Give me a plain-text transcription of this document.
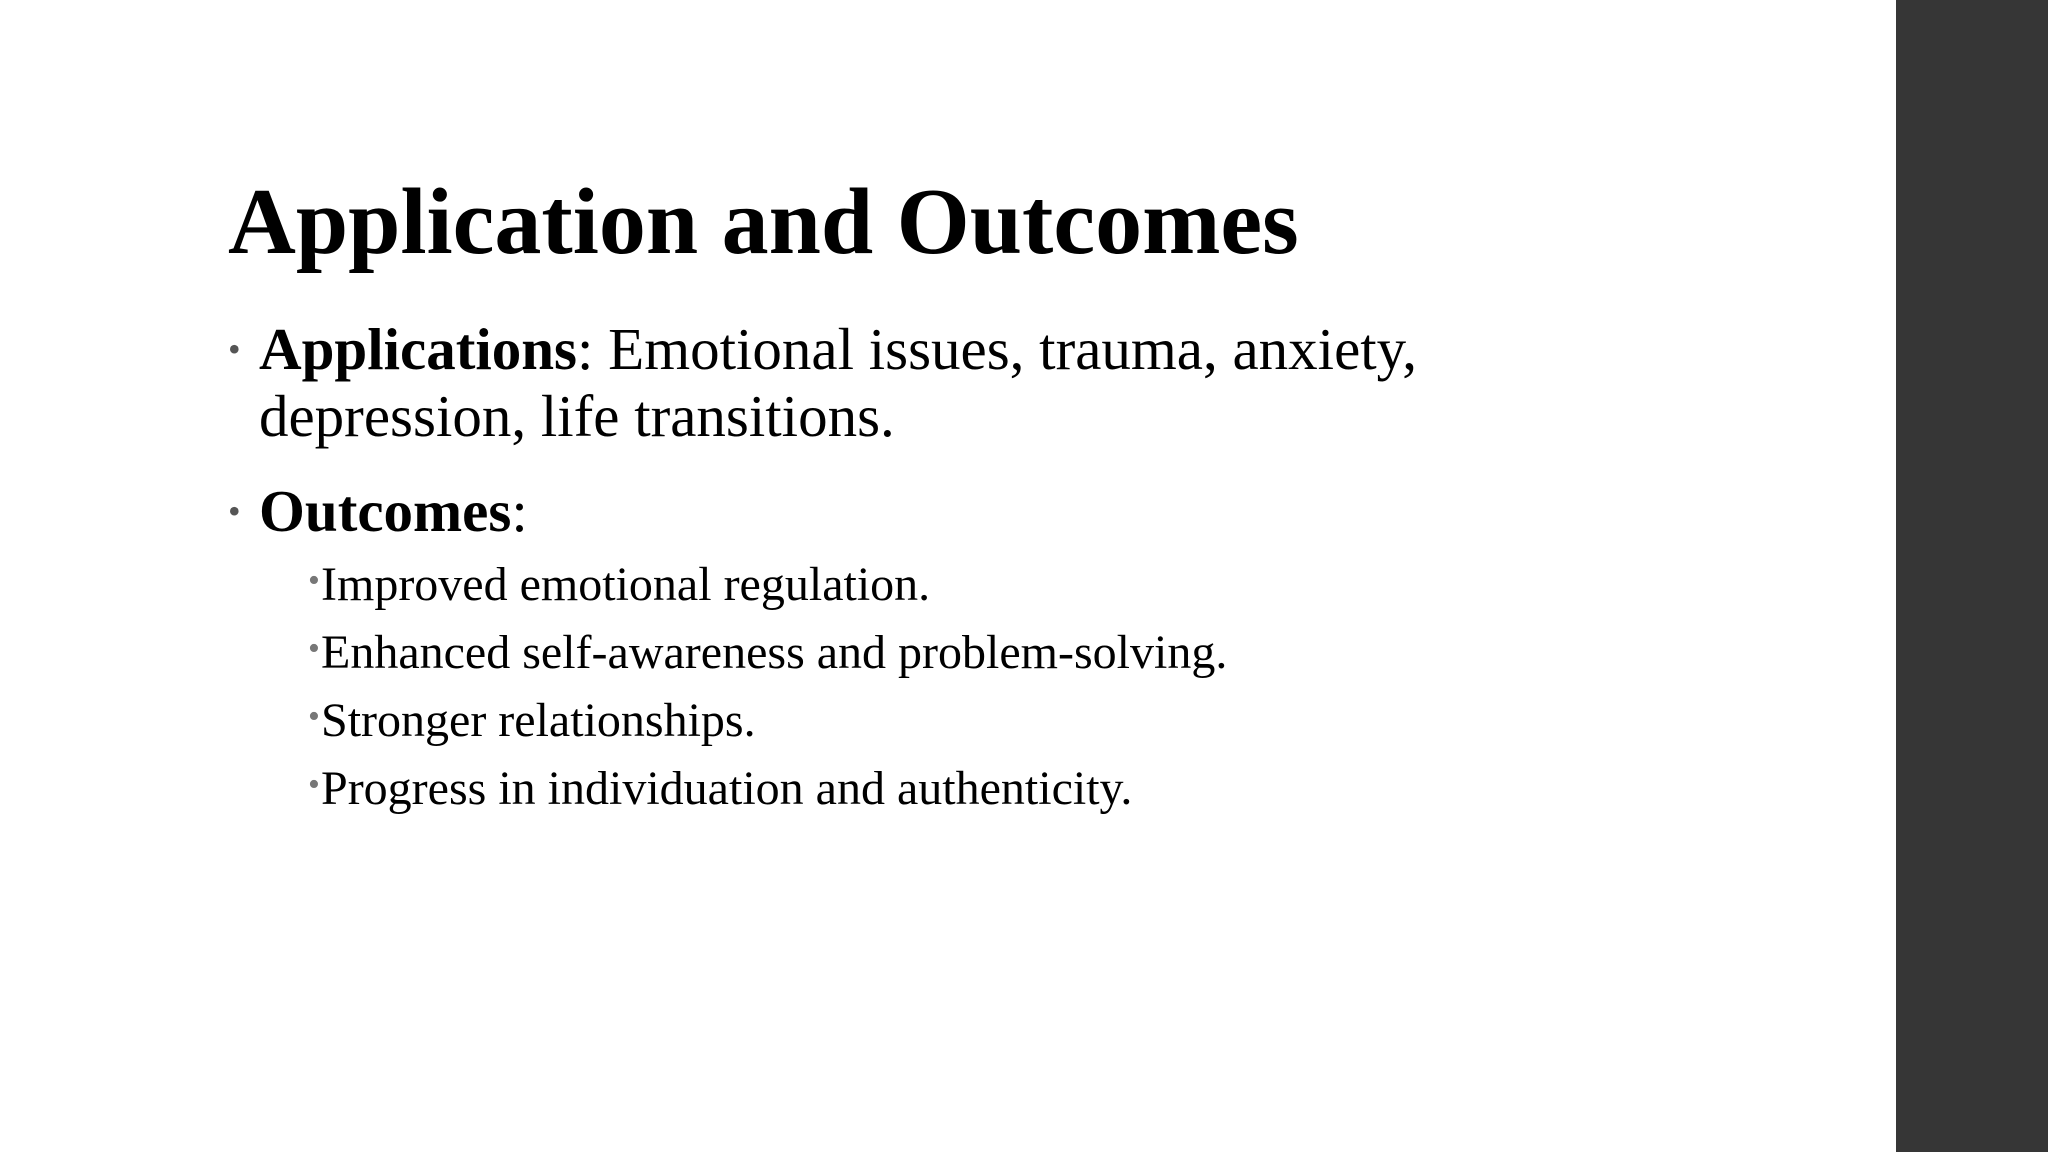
Application and Outcomes
• Applications: Emotional issues, trauma, anxiety, depression, life transitions.
• Outcomes:
• Improved emotional regulation.
• Enhanced self-awareness and problem-solving.
• Stronger relationships.
• Progress in individuation and authenticity.
